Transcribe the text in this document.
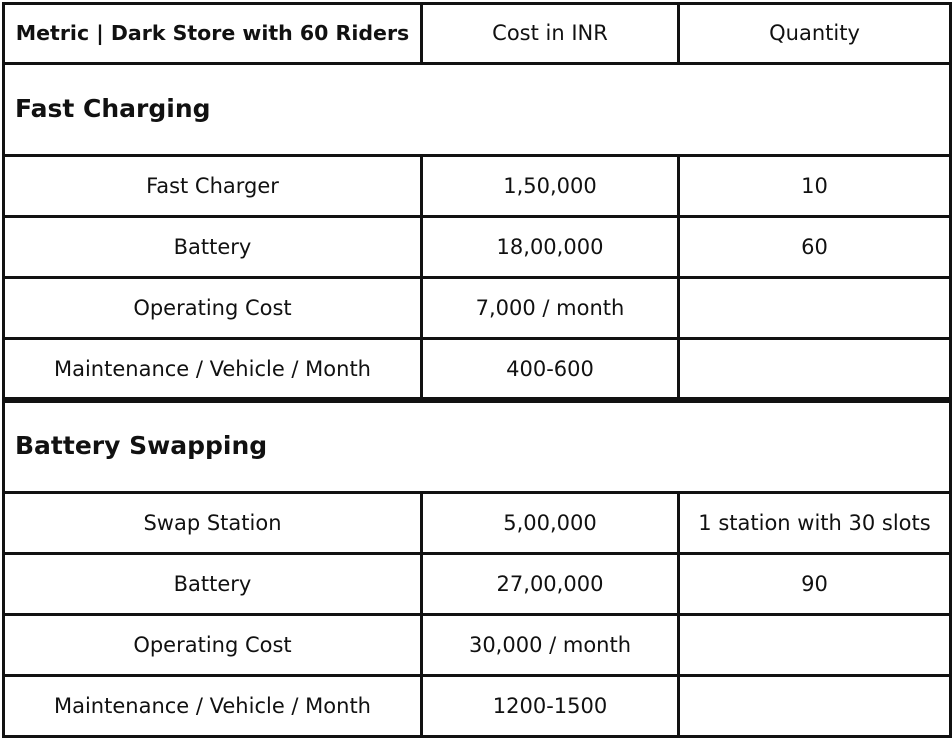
Metric | Dark Store with 60 Riders	Cost in INR	Quantity
Fast Charging		
Fast Charger	1,50,000	10
Battery	18,00,000	60
Operating Cost	7,000 / month	
Maintenance / Vehicle / Month	400-600	
Battery Swapping		
Swap Station	5,00,000	1 station with 30 slots
Battery	27,00,000	90
Operating Cost	30,000 / month	
Maintenance / Vehicle / Month	1200-1500	
